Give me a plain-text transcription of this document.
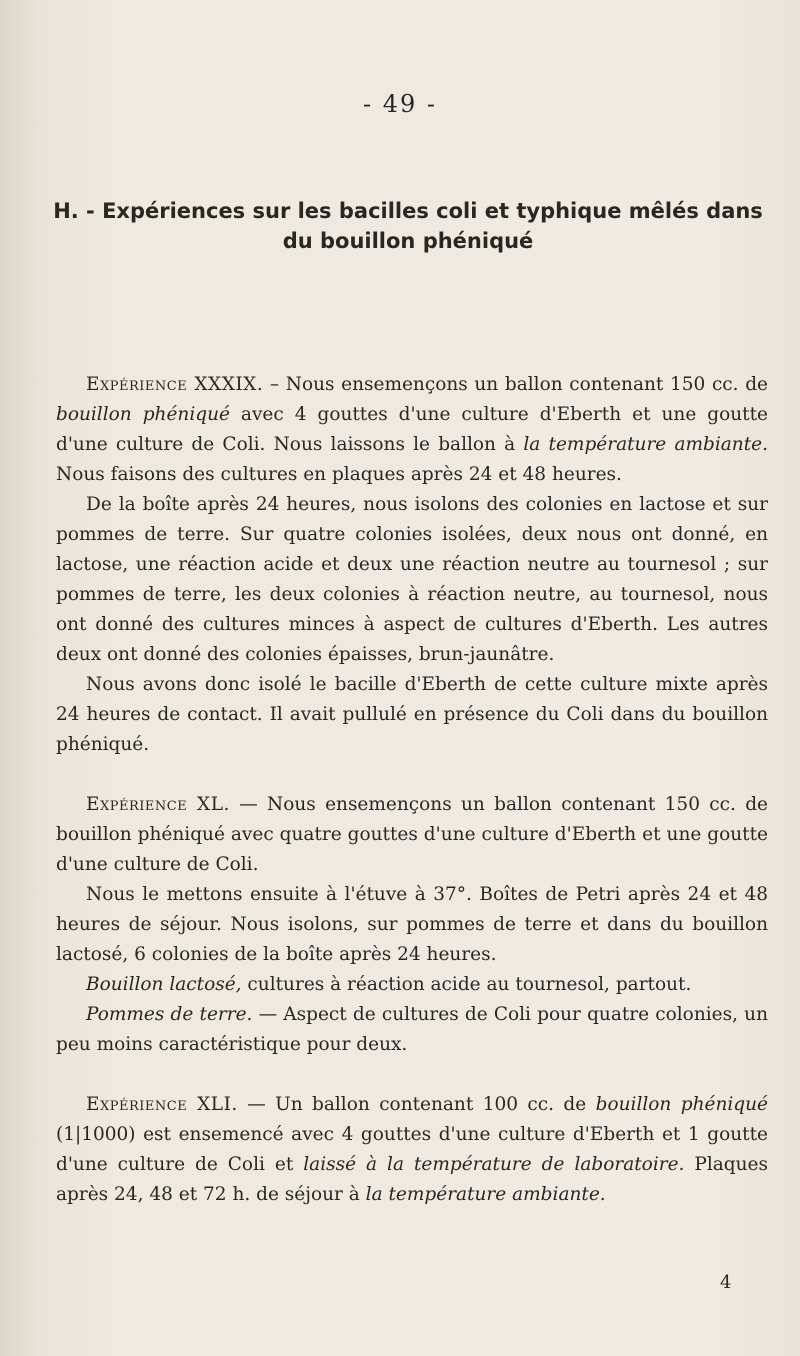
- 49 -
H. - Expériences sur les bacilles coli et typhique mêlés dans
du bouillon phéniqué

Expérience XXXIX. – Nous ensemençons un ballon contenant 150 cc. de bouillon phéniqué avec 4 gouttes d'une culture d'Eberth et une goutte d'une culture de Coli. Nous laissons le ballon à la température ambiante. Nous faisons des cultures en plaques après 24 et 48 heures.

De la boîte après 24 heures, nous isolons des colonies en lactose et sur pommes de terre. Sur quatre colonies isolées, deux nous ont donné, en lactose, une réaction acide et deux une réaction neutre au tournesol ; sur pommes de terre, les deux colonies à réaction neutre, au tournesol, nous ont donné des cultures minces à aspect de cultures d'Eberth. Les autres deux ont donné des colonies épaisses, brun-jaunâtre.

Nous avons donc isolé le bacille d'Eberth de cette culture mixte après 24 heures de contact. Il avait pullulé en présence du Coli dans du bouillon phéniqué.

Expérience XL. — Nous ensemençons un ballon contenant 150 cc. de bouillon phéniqué avec quatre gouttes d'une culture d'Eberth et une goutte d'une culture de Coli.

Nous le mettons ensuite à l'étuve à 37°. Boîtes de Petri après 24 et 48 heures de séjour. Nous isolons, sur pommes de terre et dans du bouillon lactosé, 6 colonies de la boîte après 24 heures.

Bouillon lactosé, cultures à réaction acide au tournesol, partout.

Pommes de terre. — Aspect de cultures de Coli pour quatre colonies, un peu moins caractéristique pour deux.

Expérience XLI. — Un ballon contenant 100 cc. de bouillon phéniqué (1|1000) est ensemencé avec 4 gouttes d'une culture d'Eberth et 1 goutte d'une culture de Coli et laissé à la température de laboratoire. Plaques après 24, 48 et 72 h. de séjour à la température ambiante.

4
